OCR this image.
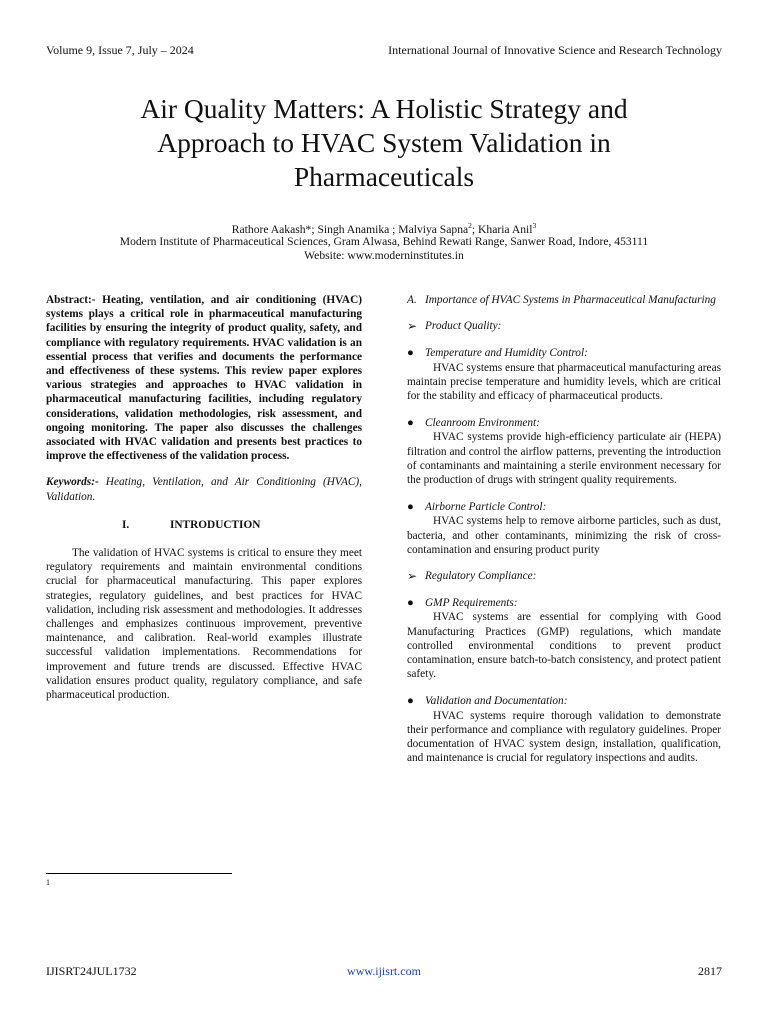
Volume 9, Issue 7, July – 2024	International Journal of Innovative Science and Research Technology
Air Quality Matters: A Holistic Strategy and
Approach to HVAC System Validation in
Pharmaceuticals
Rathore Aakash*; Singh Anamika ; Malviya Sapna$^2$; Kharia Anil$^3$
Modern Institute of Pharmaceutical Sciences, Gram Alwasa, Behind Rewati Range, Sanwer Road, Indore, 453111
Website: www.moderninstitutes.in

Abstract:- Heating, ventilation, and air conditioning (HVAC) systems plays a critical role in pharmaceutical manufacturing facilities by ensuring the integrity of product quality, safety, and compliance with regulatory requirements. HVAC validation is an essential process that verifies and documents the performance and effectiveness of these systems. This review paper explores various strategies and approaches to HVAC validation in pharmaceutical manufacturing facilities, including regulatory considerations, validation methodologies, risk assessment, and ongoing monitoring. The paper also discusses the challenges associated with HVAC validation and presents best practices to improve the effectiveness of the validation process.

Keywords:- Heating, Ventilation, and Air Conditioning (HVAC), Validation.

I.	INTRODUCTION

The validation of HVAC systems is critical to ensure they meet regulatory requirements and maintain environmental conditions crucial for pharmaceutical manufacturing. This paper explores strategies, regulatory guidelines, and best practices for HVAC validation, including risk assessment and methodologies. It addresses challenges and emphasizes continuous improvement, preventive maintenance, and calibration. Real-world examples illustrate successful validation implementations. Recommendations for improvement and future trends are discussed. Effective HVAC validation ensures product quality, regulatory compliance, and safe pharmaceutical production.

A. Importance of HVAC Systems in Pharmaceutical Manufacturing
➢ Product Quality:
● Temperature and Humidity Control:

HVAC systems ensure that pharmaceutical manufacturing areas maintain precise temperature and humidity levels, which are critical for the stability and efficacy of pharmaceutical products.

● Cleanroom Environment:

HVAC systems provide high-efficiency particulate air (HEPA) filtration and control the airflow patterns, preventing the introduction of contaminants and maintaining a sterile environment necessary for the production of drugs with stringent quality requirements.

● Airborne Particle Control:

HVAC systems help to remove airborne particles, such as dust, bacteria, and other contaminants, minimizing the risk of cross-contamination and ensuring product purity

➢ Regulatory Compliance:
● GMP Requirements:

HVAC systems are essential for complying with Good Manufacturing Practices (GMP) regulations, which mandate controlled environmental conditions to prevent product contamination, ensure batch-to-batch consistency, and protect patient safety.

● Validation and Documentation:

HVAC systems require thorough validation to demonstrate their performance and compliance with regulatory guidelines. Proper documentation of HVAC system design, installation, qualification, and maintenance is crucial for regulatory inspections and audits.

1
IJISRT24JUL1732	www.ijisrt.com	2817
